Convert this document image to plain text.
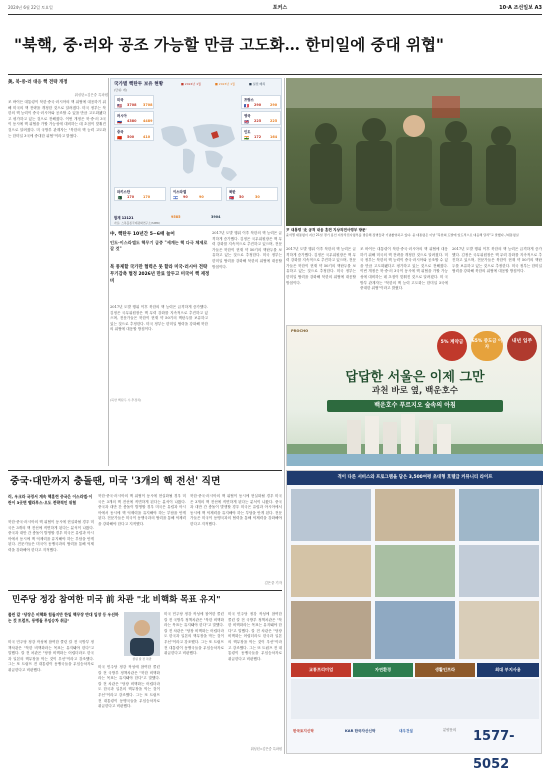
2024년 6월 22일 토요일	포커스	10·A 조선일보 A3
"북핵, 중·러와 공조 가능할 만큼 고도화… 한미일에 중대 위협"
美, 북·중·러 대응 핵 전략 개정
워싱턴=김은중 특파원
조 바이든 대통령이 북한·중국·러시아의 핵 위협에 대응하기 위해 미국의 핵 전략을 개정한 것으로 알려졌다. 미국 정부는 북한의 핵 능력이 중국·러시아와 공조할 수 있을 만큼 고도화됐다고 평가하고 있는 것으로 전해졌다. 이번 개정은 북·중·러 3국이 동시에 핵 위협을 가할 가능성에 대비하는 데 초점이 맞춰진 것으로 알려졌다. 미 국방부 관계자는 "북한의 핵 능력 고도화는 한미일 3국에 중대한 위협"이라고 밝혔다.
국가별 핵탄두 보유 현황
(단위: 개)
■ 2024년 1월	■ 2023년 1월	■ 실전 배치
합계 12121	9585	3904
자료: 스톡홀름국제평화연구소(SIPRI)
미국
🇺🇸	3708	3708
러시아
🇷🇺	4380	4489
중국
🇨🇳	500	410
프랑스
🇫🇷	290	290
영국
🇬🇧	225	225
인도
🇮🇳	172	164
파키스탄
🇵🇰	170	170
이스라엘
🇮🇱	90	90
북한
🇰🇵	50	30
尹 대통령 '北 공격 대응 훈련 지상작전사령부 방문'
윤석열 대통령이 지난 21일 경기 용인 지상작전사령부를 방문해 장병들과 기념촬영하고 있다. 윤 대통령은 이날 "북한의 도발에 압도적으로 대응해 달라"고 말했다. /대통령실
中, 핵탄두 10년간 5~6배 늘어
인도·이스라엘도 핵무기 급증 "세계는 핵 다극 체제로 갈 것"
북 통제할 국가만 협력은 못 할라 미국·러시아 전략무기감축 협정 2026년 만료 앞두고 미국이 핵 재정비
2017년 도발 행위 이후 북한의 핵 능력은 급격하게 증가했다. 김정은 국무위원장은 핵 무력 강화를 지속적으로 추진하고 있으며, 전문가들은 북한이 현재 약 50기의 핵탄두를 보유하고 있는 것으로 추정한다. 미국 정부는 한미일 협력을 강화해 북한의 위협에 대응할 방침이다.
(북한 핵탄두 수 추정치)
2017년 도발 행위 이후 북한의 핵 능력은 급격하게 증가했다. 김정은 국무위원장은 핵 무력 강화를 지속적으로 추진하고 있으며, 전문가들은 북한이 현재 약 50기의 핵탄두를 보유하고 있는 것으로 추정한다. 미국 정부는 한미일 협력을 강화해 북한의 위협에 대응할 방침이다.
2017년 도발 행위 이후 북한의 핵 능력은 급격하게 증가했다. 김정은 국무위원장은 핵 무력 강화를 지속적으로 추진하고 있으며, 전문가들은 북한이 현재 약 50기의 핵탄두를 보유하고 있는 것으로 추정한다. 미국 정부는 한미일 협력을 강화해 북한의 위협에 대응할 방침이다.
조 바이든 대통령이 북한·중국·러시아의 핵 위협에 대응하기 위해 미국의 핵 전략을 개정한 것으로 알려졌다. 미국 정부는 북한의 핵 능력이 중국·러시아와 공조할 수 있을 만큼 고도화됐다고 평가하고 있는 것으로 전해졌다. 이번 개정은 북·중·러 3국이 동시에 핵 위협을 가할 가능성에 대비하는 데 초점이 맞춰진 것으로 알려졌다. 미 국방부 관계자는 "북한의 핵 능력 고도화는 한미일 3국에 중대한 위협"이라고 밝혔다.
2017년 도발 행위 이후 북한의 핵 능력은 급격하게 증가했다. 김정은 국무위원장은 핵 무력 강화를 지속적으로 추진하고 있으며, 전문가들은 북한이 현재 약 50기의 핵탄두를 보유하고 있는 것으로 추정한다. 미국 정부는 한미일 협력을 강화해 북한의 위협에 대응할 방침이다.
PROCHO
5% 계약금	65% 중도금 이자
내년 입주
답답한 서울은 이제 그만
과천 바로 옆, 백운호수
백운호수 푸르지오 숲속의 아침
중국·대만까지 충돌땐, 미국 '3개의 핵 전선' 직면
러, 우크라 국경서 계속 핵훈련 중국은 이스라엘·이란이 3곳면 벨라루스·오도 전략적인 위협
북한·중국·러시아의 핵 위협이 동시에 현실화될 경우 미국은 3개의 핵 전선에 직면하게 된다는 분석이 나왔다. 중국과 대만 간 충돌이 발생할 경우 미국은 유럽과 아시아에서 동시에 핵 억제력을 유지해야 하는 부담을 안게 된다. 전문가들은 미국이 동맹국과의 협력을 통해 억제력을 강화해야 한다고 지적했다.
북한·중국·러시아의 핵 위협이 동시에 현실화될 경우 미국은 3개의 핵 전선에 직면하게 된다는 분석이 나왔다. 중국과 대만 간 충돌이 발생할 경우 미국은 유럽과 아시아에서 동시에 핵 억제력을 유지해야 하는 부담을 안게 된다. 전문가들은 미국이 동맹국과의 협력을 통해 억제력을 강화해야 한다고 지적했다.
북한·중국·러시아의 핵 위협이 동시에 현실화될 경우 미국은 3개의 핵 전선에 직면하게 된다는 분석이 나왔다. 중국과 대만 간 충돌이 발생할 경우 미국은 유럽과 아시아에서 동시에 핵 억제력을 유지해야 하는 부담을 안게 된다. 전문가들은 미국이 동맹국과의 협력을 통해 억제력을 강화해야 한다고 지적했다.
김은중 기자
민주당 정강 참여한 미국 前 차관 "北 비핵화 목표 유지"
콜린 칼 "당장은 비핵화 힘들지만 한일 핵무장 반대 입장 등 우선하는 것 트럼프, 동맹들 무임승차 취급"
미국 민주당 정강 작성에 참여한 콜린 칼 전 국방부 정책차관은 "북한 비핵화라는 목표는 유지돼야 한다"고 말했다. 칼 전 차관은 "당장 비핵화는 어렵더라도 한국과 일본의 핵무장을 막는 것이 우선"이라고 강조했다. 그는 또 트럼프 전 대통령이 동맹국들을 무임승차자로 취급한다고 비판했다.
콜린 칼 전 차관
미국 민주당 정강 작성에 참여한 콜린 칼 전 국방부 정책차관은 "북한 비핵화라는 목표는 유지돼야 한다"고 말했다. 칼 전 차관은 "당장 비핵화는 어렵더라도 한국과 일본의 핵무장을 막는 것이 우선"이라고 강조했다. 그는 또 트럼프 전 대통령이 동맹국들을 무임승차자로 취급한다고 비판했다.
미국 민주당 정강 작성에 참여한 콜린 칼 전 국방부 정책차관은 "북한 비핵화라는 목표는 유지돼야 한다"고 말했다. 칼 전 차관은 "당장 비핵화는 어렵더라도 한국과 일본의 핵무장을 막는 것이 우선"이라고 강조했다. 그는 또 트럼프 전 대통령이 동맹국들을 무임승차자로 취급한다고 비판했다.
미국 민주당 정강 작성에 참여한 콜린 칼 전 국방부 정책차관은 "북한 비핵화라는 목표는 유지돼야 한다"고 말했다. 칼 전 차관은 "당장 비핵화는 어렵더라도 한국과 일본의 핵무장을 막는 것이 우선"이라고 강조했다. 그는 또 트럼프 전 대통령이 동맹국들을 무임승차자로 취급한다고 비판했다.
워싱턴=김은중 특파원
격이 다른 서비스와 프로그램을 담은 3,500여평 초대형 호텔급 커뮤니티 라이프
교통프리미엄	자연환경	생활인프라	최대 부지사용
한국토지신탁	KAR 한국자산신탁	대우건설	분양문의	1577-5052
